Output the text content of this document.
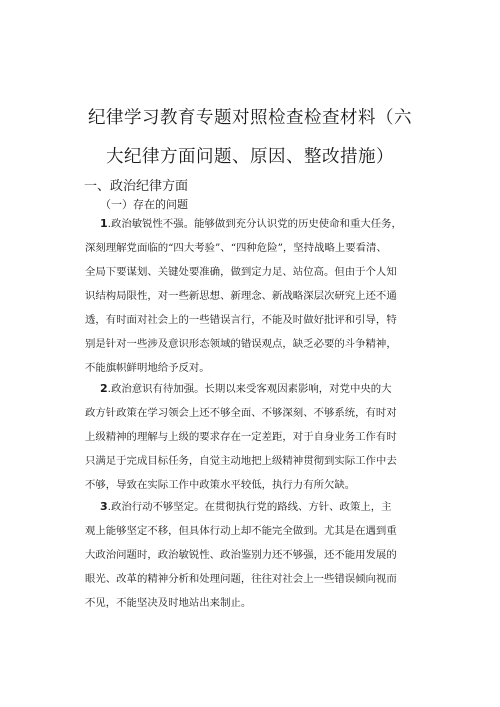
纪律学习教育专题对照检查检查材料（六
大纪律方面问题、原因、整改措施）
一、政治纪律方面
（一）存在的问题
1.政治敏锐性不强。能够做到充分认识党的历史使命和重大任务，
深刻理解党面临的“四大考验”、“四种危险”，坚持战略上要看清、
全局下要谋划、关键处要准确，做到定力足、站位高。但由于个人知
识结构局限性，对一些新思想、新理念、新战略深层次研究上还不通
透，有时面对社会上的一些错误言行，不能及时做好批评和引导，特
别是针对一些涉及意识形态领域的错误观点，缺乏必要的斗争精神，
不能旗帜鲜明地给予反对。
2.政治意识有待加强。长期以来受客观因素影响，对党中央的大
政方针政策在学习领会上还不够全面、不够深刻、不够系统，有时对
上级精神的理解与上级的要求存在一定差距，对于自身业务工作有时
只满足于完成目标任务，自觉主动地把上级精神贯彻到实际工作中去
不够，导致在实际工作中政策水平较低，执行力有所欠缺。
3.政治行动不够坚定。在贯彻执行党的路线、方针、政策上，主
观上能够坚定不移，但具体行动上却不能完全做到。尤其是在遇到重
大政治问题时，政治敏锐性、政治鉴别力还不够强，还不能用发展的
眼光、改革的精神分析和处理问题，往往对社会上一些错误倾向视而
不见，不能坚决及时地站出来制止。
